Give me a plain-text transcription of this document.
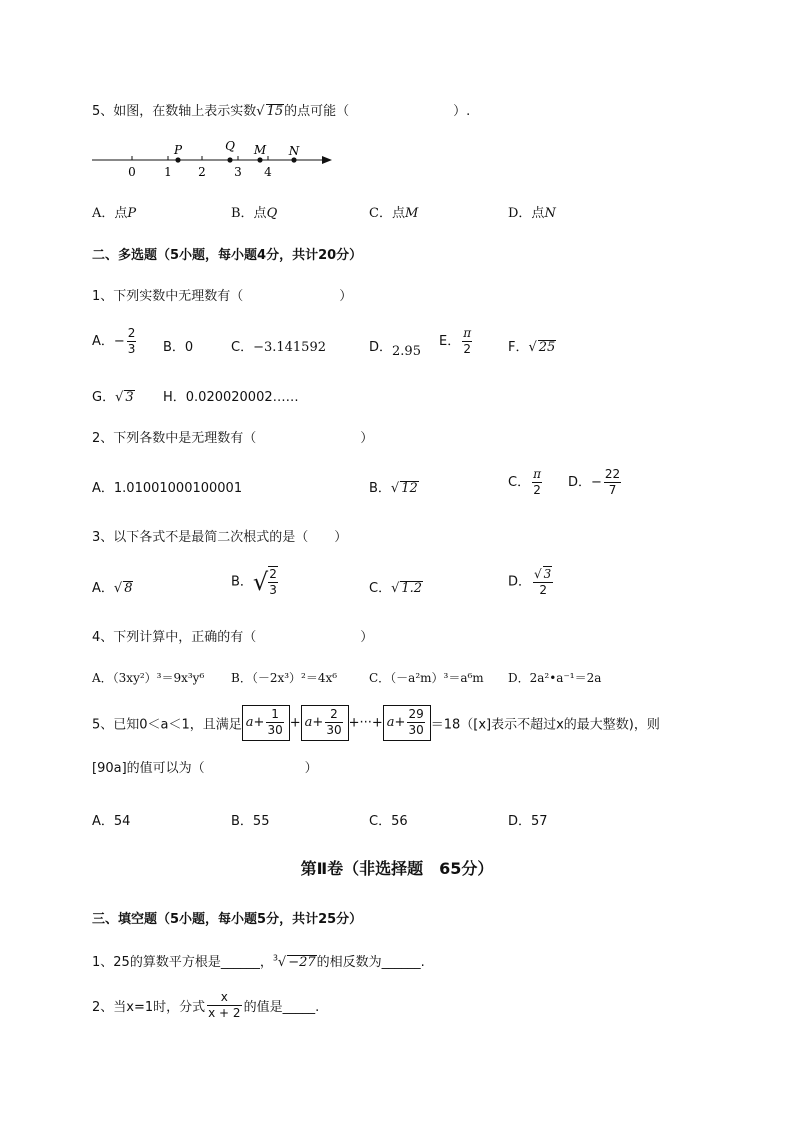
5、如图，在数轴上表示实数√ 15的点可能（	）.
0 1 2 3 4
P	Q M N
A．点P	B．点Q	C．点M	D．点N
二、多选题（5小题，每小题4分，共计20分）
1、下列实数中无理数有（	）
A．− $\frac{2}{3}$ B．0	C．−3.141592	D．2.95
E． $\frac{\pi}{2}$	F．√ 25
G．√ 3 H．0.020020002……
2、下列各数中是无理数有（	）
A．1.01001000100001	B．√ 12	C． $\frac{\pi}{2}$ D．− $\frac{22}{7}$
3、以下各式不是最简二次根式的是（ ）
A．√ 8	B．√ $\frac{2}{3}$	C．√ 1.2	D． $\frac{√ 3}{2}$
4、下列计算中，正确的有（	）
A．（3xy²）³＝9x³y⁶ B．（－2x³）²＝4x⁶	C．（－a²m）³＝a⁶m D．2a²•a⁻¹＝2a
5、已知0＜a＜1，且满足 $a+ \frac{1}{30} + a+ \frac{2}{30}$ +···+ $a+ \frac{29}{30} =18([x]$表示不超过x的最大整数)，则
[90a]的值可以为（	）
A．54	B．55	C．56	D．57
第Ⅱ卷（非选择题　65分）
三、填空题（5小题，每小题5分，共计25分）
1、25的算数平方根是______，$^3$√ −27的相反数为______.
2、当x=1时，分式 $\frac{x}{x + 2}$ 的值是_____.
